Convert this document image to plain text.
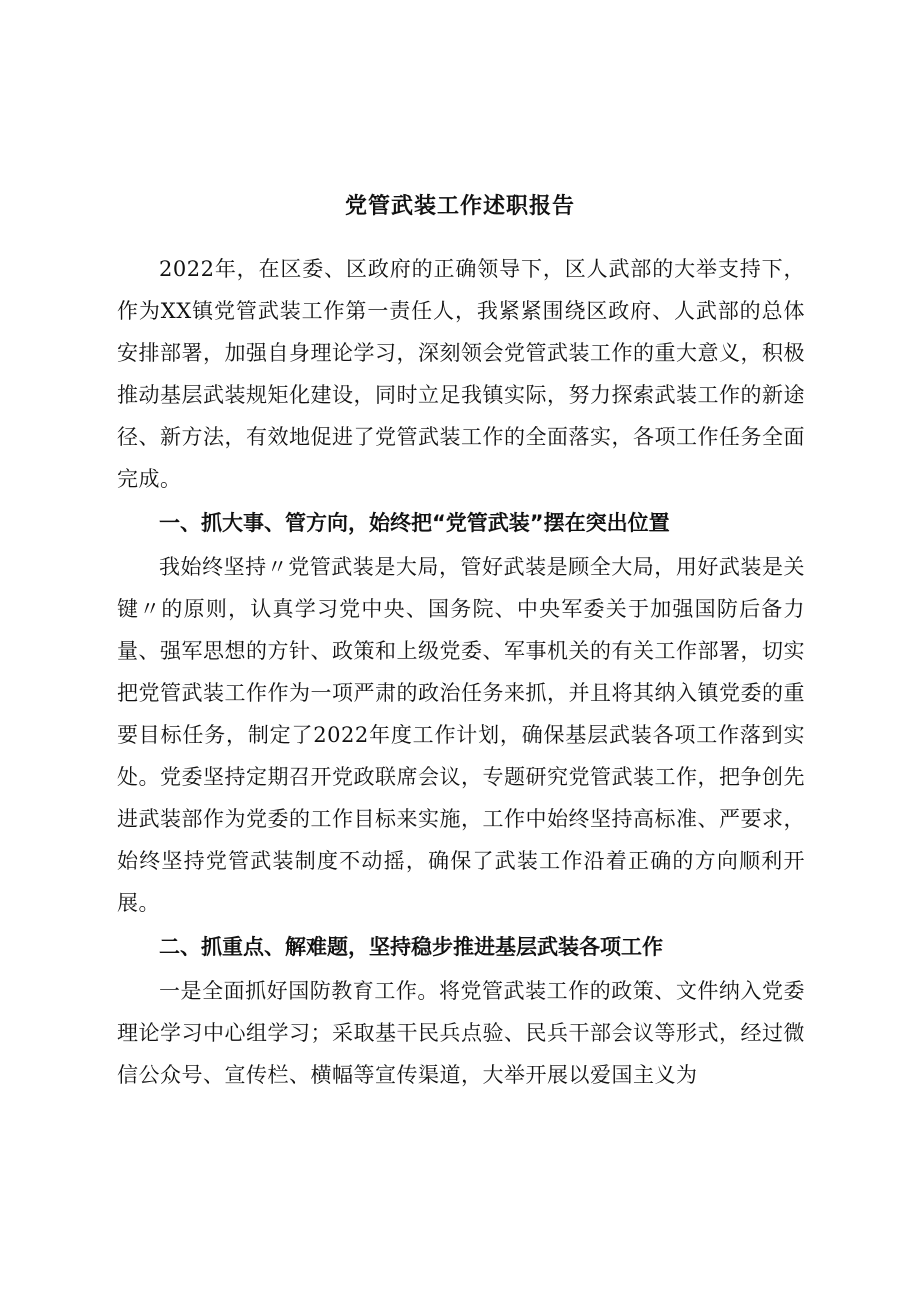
党管武装工作述职报告

2022年，在区委、区政府的正确领导下，区人武部的大举支持下，作为XX镇党管武装工作第一责任人，我紧紧围绕区政府、人武部的总体安排部署，加强自身理论学习，深刻领会党管武装工作的重大意义，积极推动基层武装规矩化建设，同时立足我镇实际，努力探索武装工作的新途径、新方法，有效地促进了党管武装工作的全面落实，各项工作任务全面完成。

一、抓大事、管方向，始终把“党管武装”摆在突出位置

我始终坚持〃党管武装是大局，管好武装是顾全大局，用好武装是关键〃的原则，认真学习党中央、国务院、中央军委关于加强国防后备力量、强军思想的方针、政策和上级党委、军事机关的有关工作部署，切实把党管武装工作作为一项严肃的政治任务来抓，并且将其纳入镇党委的重要目标任务，制定了2022年度工作计划，确保基层武装各项工作落到实处。党委坚持定期召开党政联席会议，专题研究党管武装工作，把争创先进武装部作为党委的工作目标来实施，工作中始终坚持高标准、严要求，始终坚持党管武装制度不动摇，确保了武装工作沿着正确的方向顺利开展。

二、抓重点、解难题，坚持稳步推进基层武装各项工作

一是全面抓好国防教育工作。将党管武装工作的政策、文件纳入党委理论学习中心组学习；采取基干民兵点验、民兵干部会议等形式，经过微信公众号、宣传栏、横幅等宣传渠道，大举开展以爱国主义为
